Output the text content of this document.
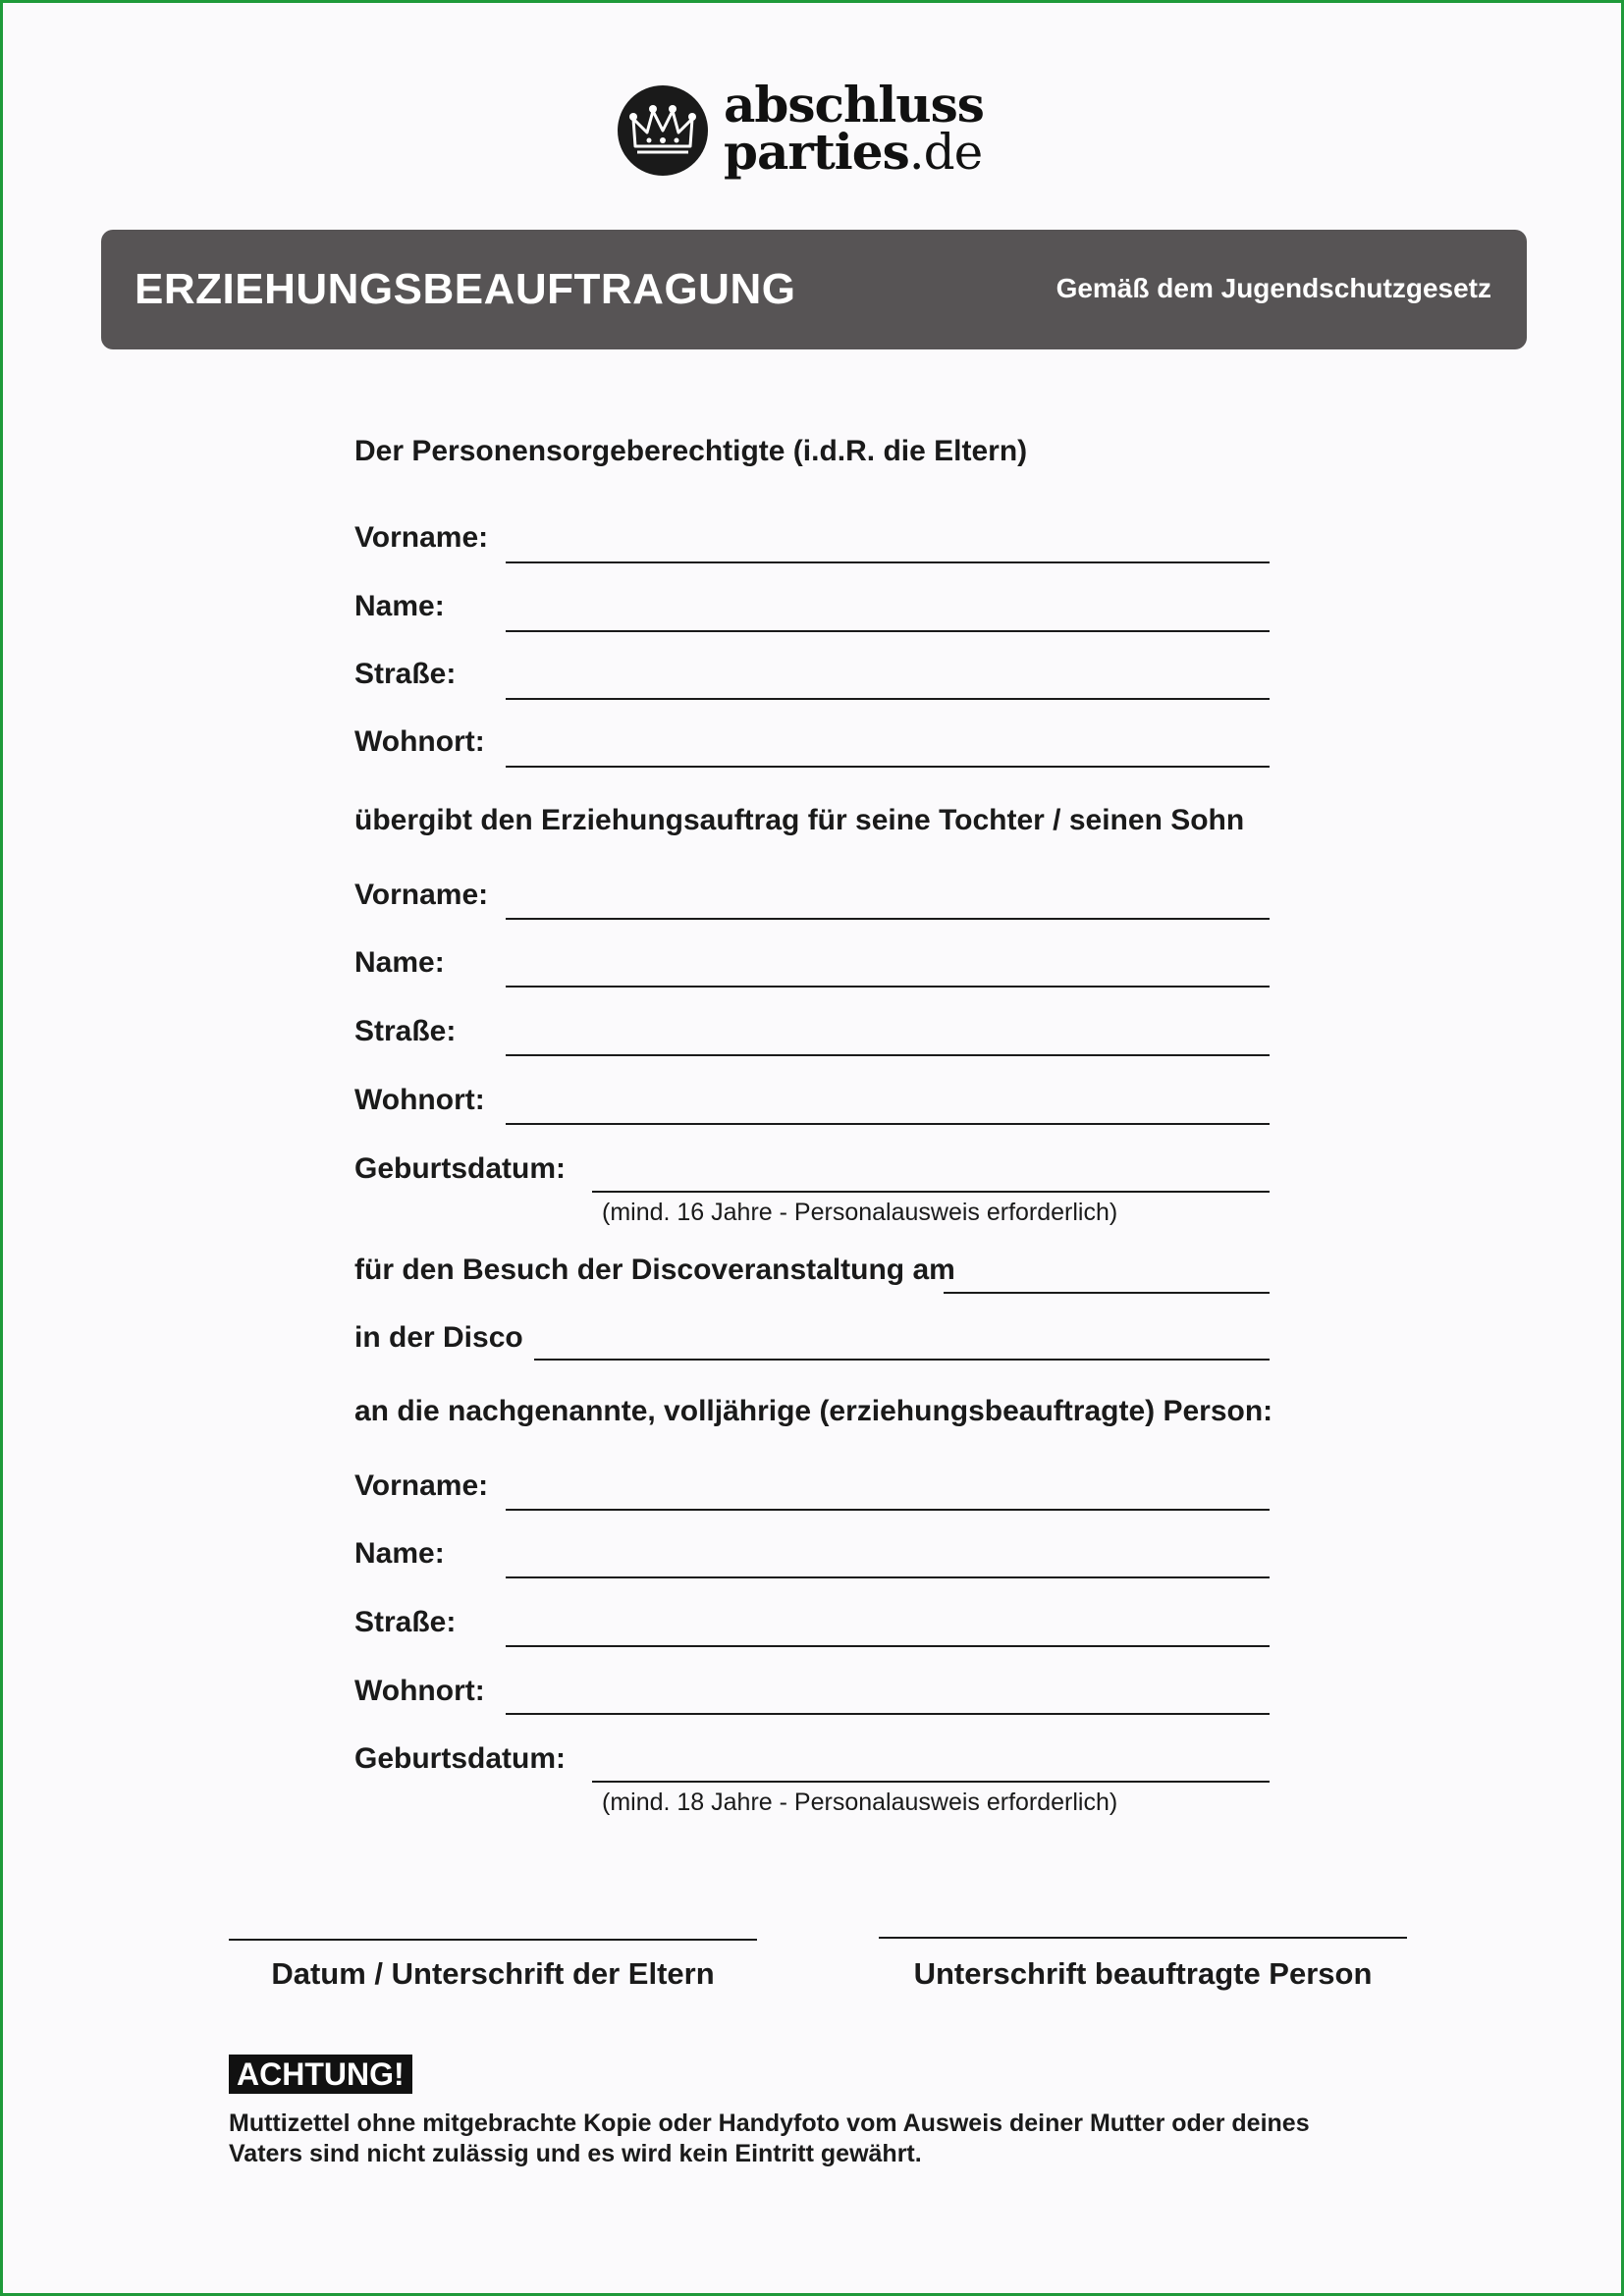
abschluss
parties.de
ERZIEHUNGSBEAUFTRAGUNG	Gemäß dem Jugendschutzgesetz
Der Personensorgeberechtigte (i.d.R. die Eltern)
Vorname:
Name:
Straße:
Wohnort:
übergibt den Erziehungsauftrag für seine Tochter / seinen Sohn
Vorname:
Name:
Straße:
Wohnort:
Geburtsdatum:
(mind. 16 Jahre - Personalausweis erforderlich)
für den Besuch der Discoveranstaltung am
in der Disco
an die nachgenannte, volljährige (erziehungsbeauftragte) Person:
Vorname:
Name:
Straße:
Wohnort:
Geburtsdatum:
(mind. 18 Jahre - Personalausweis erforderlich)
Datum / Unterschrift der Eltern	Unterschrift beauftragte Person
ACHTUNG!
Muttizettel ohne mitgebrachte Kopie oder Handyfoto vom Ausweis deiner Mutter oder deines Vaters sind nicht zulässig und es wird kein Eintritt gewährt.
